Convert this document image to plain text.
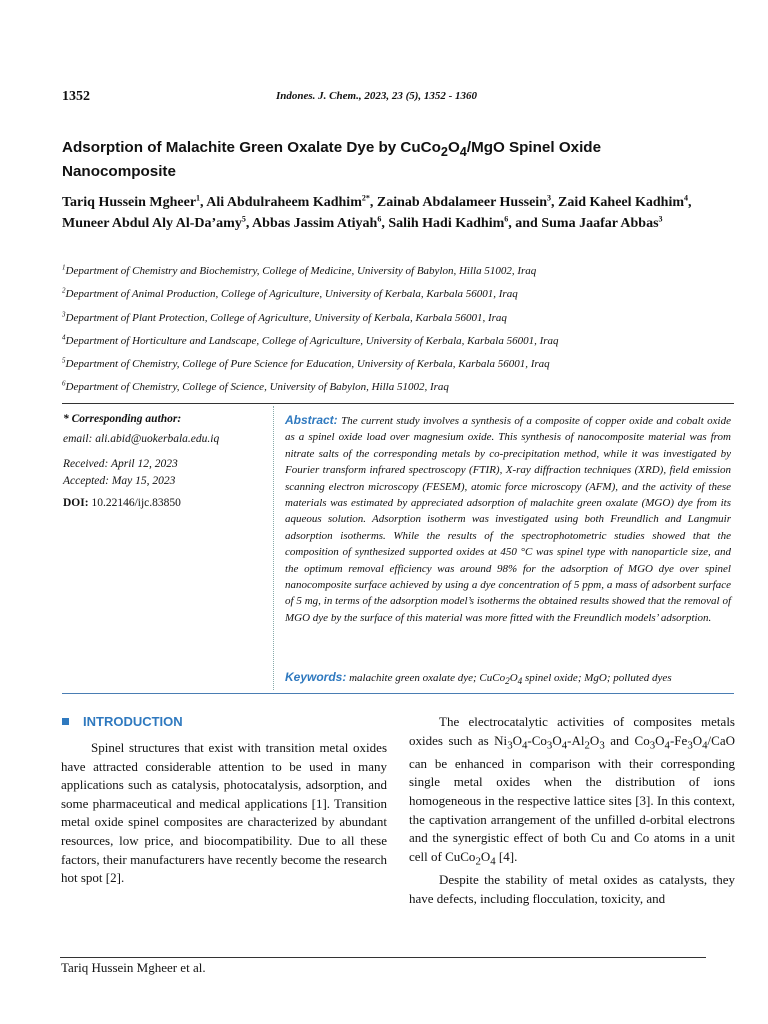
1352	Indones. J. Chem., 2023, 23 (5), 1352 - 1360
Adsorption of Malachite Green Oxalate Dye by $CuCo_2O_4$/MgO Spinel Oxide Nanocomposite
Tariq Hussein Mgheer$^1$, Ali Abdulraheem Kadhim$^{2*}$, Zainab Abdalameer Hussein$^3$, Zaid Kaheel Kadhim$^4$, Muneer Abdul Aly Al-Da’amy$^5$, Abbas Jassim Atiyah$^6$, Salih Hadi Kadhim$^6$, and Suma Jaafar Abbas$^3$
$^1$Department of Chemistry and Biochemistry, College of Medicine, University of Babylon, Hilla 51002, Iraq
$^2$Department of Animal Production, College of Agriculture, University of Kerbala, Karbala 56001, Iraq
$^3$Department of Plant Protection, College of Agriculture, University of Kerbala, Karbala 56001, Iraq
$^4$Department of Horticulture and Landscape, College of Agriculture, University of Kerbala, Karbala 56001, Iraq
$^5$Department of Chemistry, College of Pure Science for Education, University of Kerbala, Karbala 56001, Iraq
$^6$Department of Chemistry, College of Science, University of Babylon, Hilla 51002, Iraq
* Corresponding author:
email: ali.abid@uokerbala.edu.iq
Received: April 12, 2023
Accepted: May 15, 2023
DOI: 10.22146/ijc.83850
Abstract: The current study involves a synthesis of a composite of copper oxide and cobalt oxide as a spinel oxide load over magnesium oxide. This synthesis of nanocomposite material was from nitrate salts of the corresponding metals by co-precipitation method, while it was investigated by Fourier transform infrared spectroscopy (FTIR), X-ray diffraction techniques (XRD), field emission scanning electron microscopy (FESEM), atomic force microscopy (AFM), and the activity of these materials was estimated by appreciated adsorption of malachite green oxalate (MGO) dye from its aqueous solution. Adsorption isotherm was investigated using both Freundlich and Langmuir adsorption isotherms. While the results of the spectrophotometric studies showed that the composition of synthesized supported oxides at 450 °C was spinel type with nanoparticle size, and the optimum removal efficiency was around 98% for the adsorption of MGO dye over spinel nanocomposite surface achieved by using a dye concentration of 5 ppm, a mass of adsorbent surface of 5 mg, in terms of the adsorption model’s isotherms the obtained results showed that the removal of MGO dye by the surface of this material was more fitted with the Freundlich models’ adsorption.
Keywords: malachite green oxalate dye; $CuCo_2O_4$ spinel oxide; MgO; polluted dyes
INTRODUCTION

Spinel structures that exist with transition metal oxides have attracted considerable attention to be used in many applications such as catalysis, photocatalysis, adsorption, and some pharmaceutical and medical applications [1]. Transition metal oxide spinel composites are characterized by abundant resources, low price, and biocompatibility. Due to all these factors, their manufacturers have recently become the research hot spot [2].

The electrocatalytic activities of composites metals oxides such as $Ni_3O_4-Co_3O_4-Al_2O_3$ and $Co_3O_4-Fe_3O_4$/CaO can be enhanced in comparison with their corresponding single metal oxides when the distribution of ions homogeneous in the respective lattice sites [3]. In this context, the captivation arrangement of the unfilled d-orbital electrons and the synergistic effect of both Cu and Co atoms in a unit cell of $CuCo_2O_4$ [4].

Despite the stability of metal oxides as catalysts, they have defects, including flocculation, toxicity, and

Tariq Hussein Mgheer et al.
